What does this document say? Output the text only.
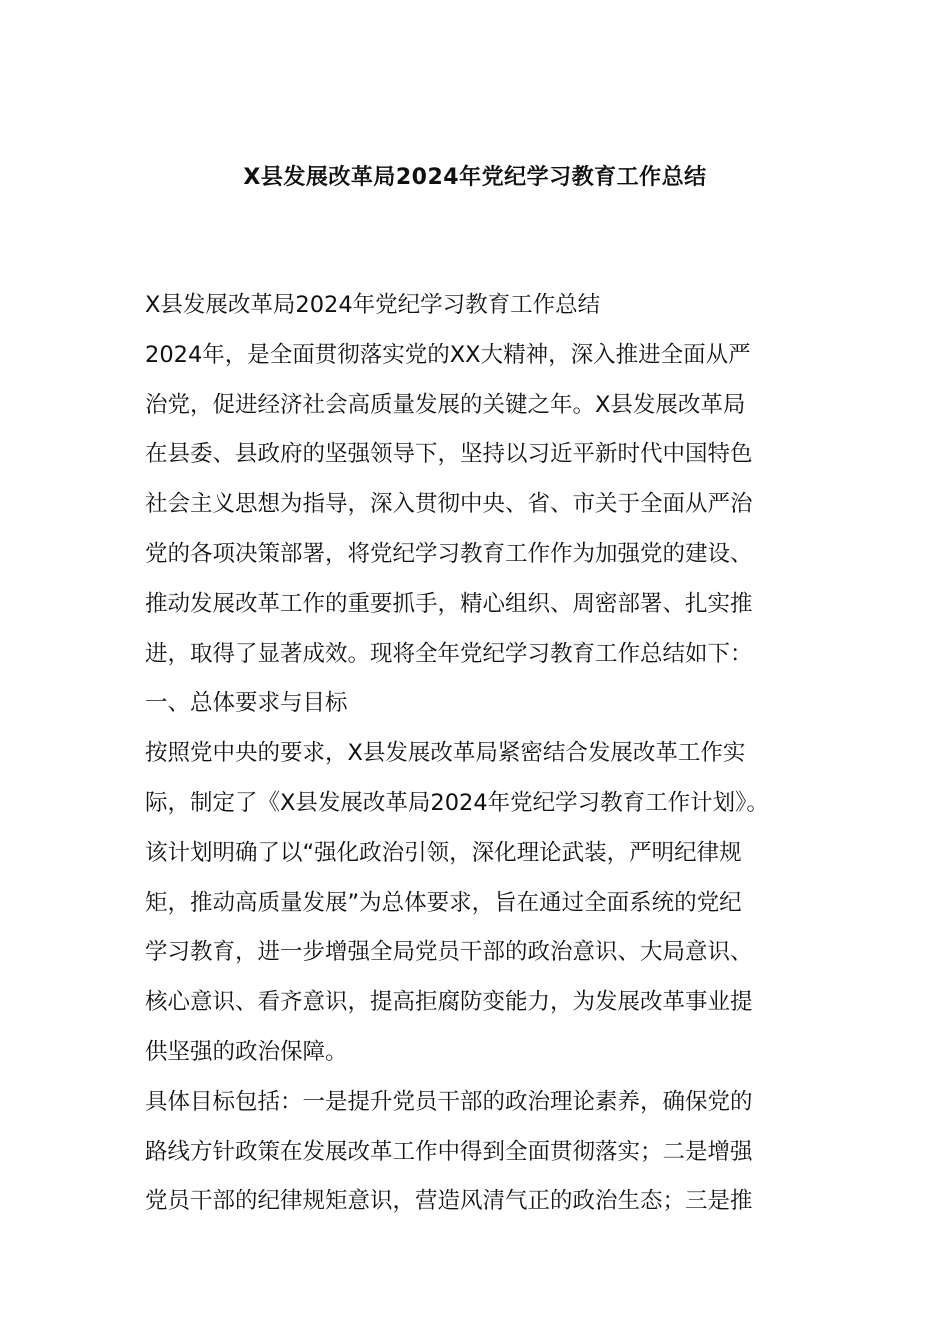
X县发展改革局2024年党纪学习教育工作总结
X县发展改革局2024年党纪学习教育工作总结
2024年，是全面贯彻落实党的XX大精神，深入推进全面从严
治党，促进经济社会高质量发展的关键之年。X县发展改革局
在县委、县政府的坚强领导下，坚持以习近平新时代中国特色
社会主义思想为指导，深入贯彻中央、省、市关于全面从严治
党的各项决策部署，将党纪学习教育工作作为加强党的建设、
推动发展改革工作的重要抓手，精心组织、周密部署、扎实推
进，取得了显著成效。现将全年党纪学习教育工作总结如下：
一、总体要求与目标
按照党中央的要求，X县发展改革局紧密结合发展改革工作实
际，制定了《X县发展改革局2024年党纪学习教育工作计划》。
该计划明确了以“强化政治引领，深化理论武装，严明纪律规
矩，推动高质量发展”为总体要求，旨在通过全面系统的党纪
学习教育，进一步增强全局党员干部的政治意识、大局意识、
核心意识、看齐意识，提高拒腐防变能力，为发展改革事业提
供坚强的政治保障。
具体目标包括：一是提升党员干部的政治理论素养，确保党的
路线方针政策在发展改革工作中得到全面贯彻落实；二是增强
党员干部的纪律规矩意识，营造风清气正的政治生态；三是推
